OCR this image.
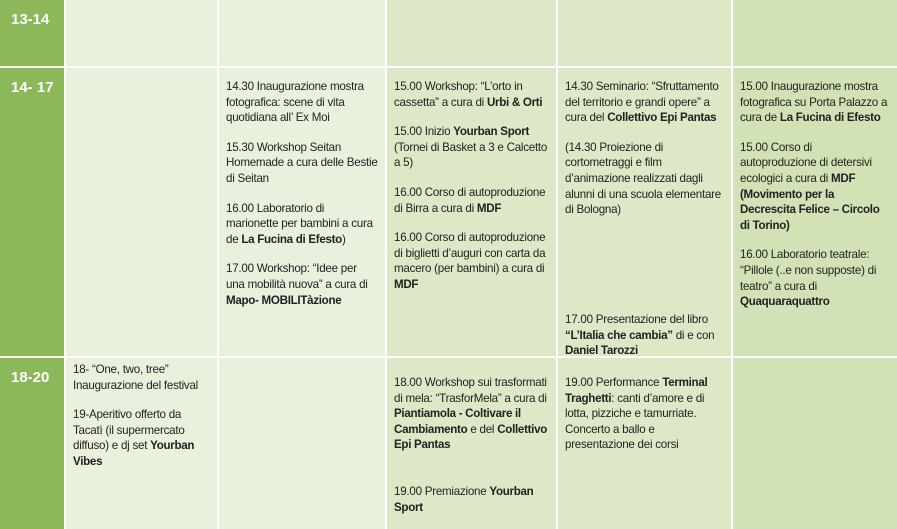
13-14
14- 17	14.30 Inaugurazione mostra fotografica: scene di vita quotidiana all’ Ex Moi
15.30 Workshop Seitan Homemade a cura delle Bestie di Seitan
16.00 Laboratorio di marionette per bambini a cura de La Fucina di Efesto)
17.00 Workshop: “Idee per una mobilità nuova” a cura di Mapo- MOBILITàzione
15.00 Workshop: “L’orto in cassetta” a cura di Urbi & Orti
15.00 Inizio Yourban Sport (Tornei di Basket a 3 e Calcetto a 5)
16.00 Corso di autoproduzione di Birra a cura di MDF
16.00 Corso di autoproduzione di biglietti d’auguri con carta da macero (per bambini) a cura di MDF
14.30 Seminario: “Sfruttamento del territorio e grandi opere” a cura del Collettivo Epi Pantas
(14.30 Proiezione di cortometraggi e film d’animazione realizzati dagli alunni di una scuola elementare di Bologna)
17.00 Presentazione del libro “L’Italia che cambia” di e con Daniel Tarozzi
15.00 Inaugurazione mostra fotografica su Porta Palazzo a cura de La Fucina di Efesto
15.00 Corso di autoproduzione di detersivi ecologici a cura di MDF (Movimento per la Decrescita Felice – Circolo di Torino)
16.00 Laboratorio teatrale: “Pillole (..e non supposte) di teatro” a cura di Quaquaraquattro
18-20	18- “One, two, tree” Inaugurazione del festival
19-Aperitivo offerto da Tacatì (il supermercato diffuso) e dj set Yourban Vibes
18.00 Workshop sui trasformati di mela: “TrasforMela” a cura di Piantiamola - Coltivare il Cambiamento e del Collettivo Epi Pantas
19.00 Premiazione Yourban Sport
19.00 Performance Terminal Traghetti: canti d’amore e di lotta, pizziche e tamurriate. Concerto a ballo e presentazione dei corsi
